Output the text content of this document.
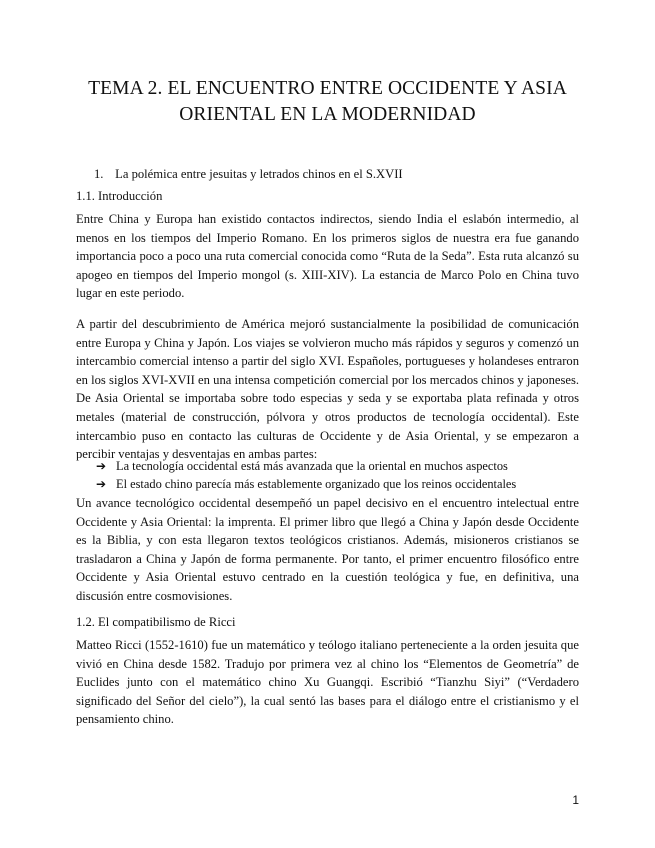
TEMA 2. EL ENCUENTRO ENTRE OCCIDENTE Y ASIA
ORIENTAL EN LA MODERNIDAD
1. La polémica entre jesuitas y letrados chinos en el S.XVII
1.1. Introducción

Entre China y Europa han existido contactos indirectos, siendo India el eslabón intermedio, al menos en los tiempos del Imperio Romano. En los primeros siglos de nuestra era fue ganando importancia poco a poco una ruta comercial conocida como “Ruta de la Seda”. Esta ruta alcanzó su apogeo en tiempos del Imperio mongol (s. XIII-XIV). La estancia de Marco Polo en China tuvo lugar en este periodo.

A partir del descubrimiento de América mejoró sustancialmente la posibilidad de comunicación entre Europa y China y Japón. Los viajes se volvieron mucho más rápidos y seguros y comenzó un intercambio comercial intenso a partir del siglo XVI. Españoles, portugueses y holandeses entraron en los siglos XVI-XVII en una intensa competición comercial por los mercados chinos y japoneses. De Asia Oriental se importaba sobre todo especias y seda y se exportaba plata refinada y otros metales (material de construcción, pólvora y otros productos de tecnología occidental). Este intercambio puso en contacto las culturas de Occidente y de Asia Oriental, y se empezaron a percibir ventajas y desventajas en ambas partes:

➔ La tecnología occidental está más avanzada que la oriental en muchos aspectos
➔ El estado chino parecía más establemente organizado que los reinos occidentales

Un avance tecnológico occidental desempeñó un papel decisivo en el encuentro intelectual entre Occidente y Asia Oriental: la imprenta. El primer libro que llegó a China y Japón desde Occidente es la Biblia, y con esta llegaron textos teológicos cristianos. Además, misioneros cristianos se trasladaron a China y Japón de forma permanente. Por tanto, el primer encuentro filosófico entre Occidente y Asia Oriental estuvo centrado en la cuestión teológica y fue, en definitiva, una discusión entre cosmovisiones.

1.2. El compatibilismo de Ricci

Matteo Ricci (1552-1610) fue un matemático y teólogo italiano perteneciente a la orden jesuita que vivió en China desde 1582. Tradujo por primera vez al chino los “Elementos de Geometría” de Euclides junto con el matemático chino Xu Guangqi. Escribió “Tianzhu Siyi” (“Verdadero significado del Señor del cielo”), la cual sentó las bases para el diálogo entre el cristianismo y el pensamiento chino.

1
